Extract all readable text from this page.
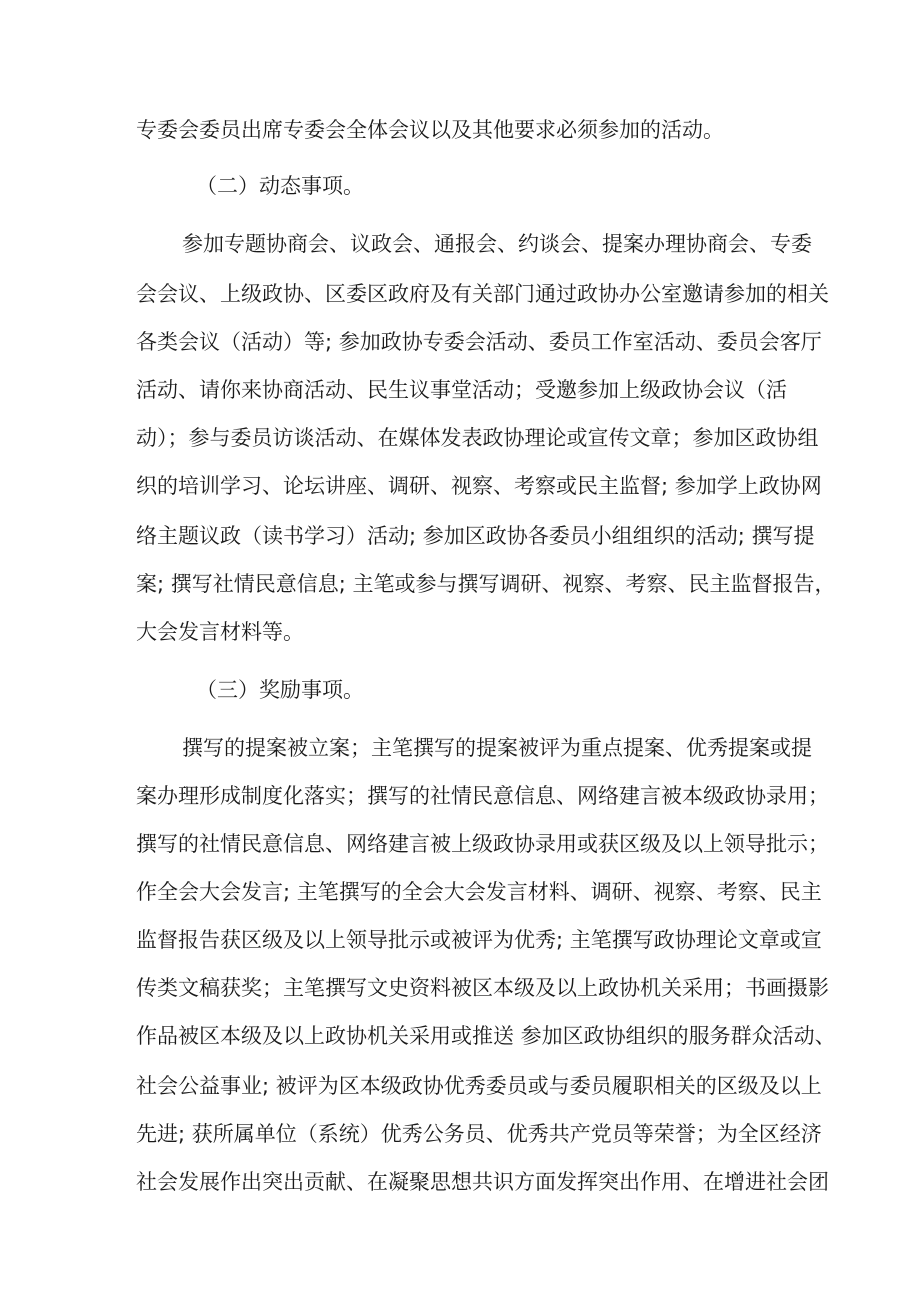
专委会委员出席专委会全体会议以及其他要求必须参加的活动。
（二）动态事项。
参加专题协商会、议政会、通报会、约谈会、提案办理协商会、专委
会会议、上级政协、区委区政府及有关部门通过政协办公室邀请参加的相关
各类会议（活动）等; 参加政协专委会活动、委员工作室活动、委员会客厅
活动、请你来协商活动、民生议事堂活动；受邀参加上级政协会议（活
动）；参与委员访谈活动、在媒体发表政协理论或宣传文章；参加区政协组
织的培训学习、论坛讲座、调研、视察、考察或民主监督; 参加学上政协网
络主题议政（读书学习）活动; 参加区政协各委员小组组织的活动; 撰写提
案; 撰写社情民意信息; 主笔或参与撰写调研、视察、考察、民主监督报告，
大会发言材料等。
（三）奖励事项。
撰写的提案被立案；主笔撰写的提案被评为重点提案、优秀提案或提
案办理形成制度化落实；撰写的社情民意信息、网络建言被本级政协录用；
撰写的社情民意信息、网络建言被上级政协录用或获区级及以上领导批示；
作全会大会发言; 主笔撰写的全会大会发言材料、调研、视察、考察、民主
监督报告获区级及以上领导批示或被评为优秀; 主笔撰写政协理论文章或宣
传类文稿获奖；主笔撰写文史资料被区本级及以上政协机关采用；书画摄影
作品被区本级及以上政协机关采用或推送 参加区政协组织的服务群众活动、
社会公益事业; 被评为区本级政协优秀委员或与委员履职相关的区级及以上
先进; 获所属单位（系统）优秀公务员、优秀共产党员等荣誉；为全区经济
社会发展作出突出贡献、在凝聚思想共识方面发挥突出作用、在增进社会团
